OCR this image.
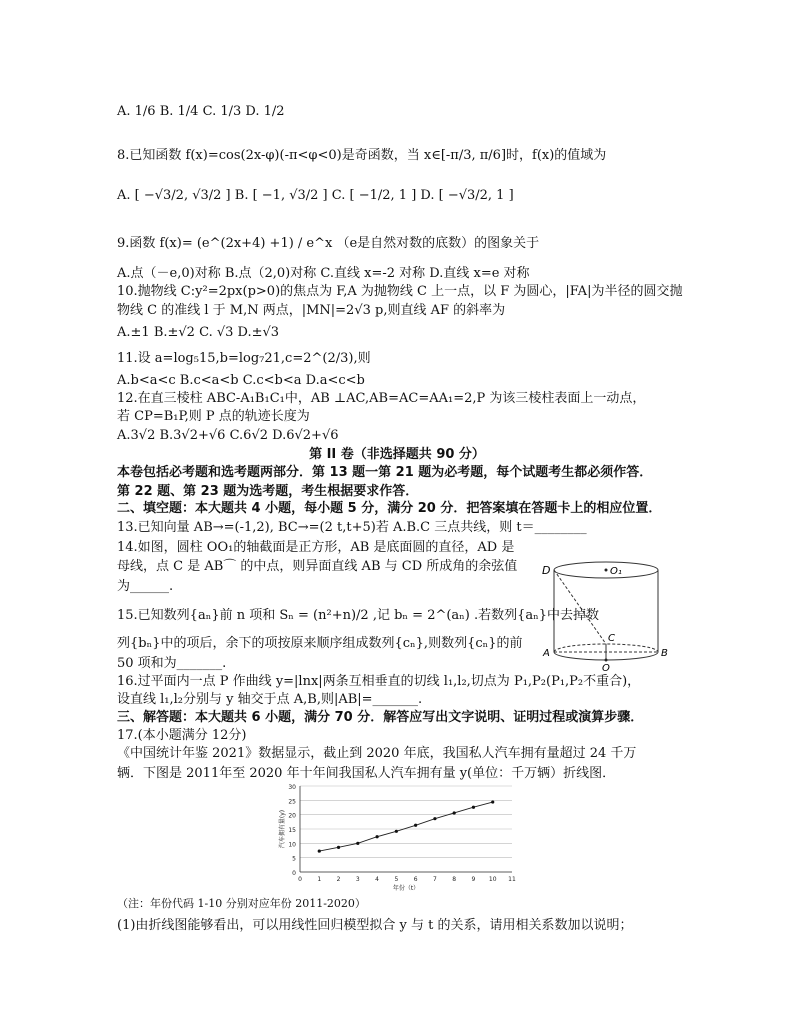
A. 1/6 B. 1/4 C. 1/3 D. 1/2
8.已知函数 f(x)=cos(2x-φ)(-π<φ<0)是奇函数，当 x∈[-π/3, π/6]时，f(x)的值域为
A. [ −√3/2, √3/2 ] B. [ −1, √3/2 ] C. [ −1/2, 1 ] D. [ −√3/2, 1 ]
9.函数 f(x)= (e^(2x+4) +1) / e^x （e是自然对数的底数）的图象关于
A.点（－e,0)对称 B.点（2,0)对称 C.直线 x=-2 对称 D.直线 x=e 对称
10.抛物线 C:y²=2px(p>0)的焦点为 F,A 为抛物线 C 上一点，以 F 为圆心，|FA|为半径的圆交抛
物线 C 的准线 l 于 M,N 两点，|MN|=2√3 p,则直线 AF 的斜率为
A.±1 B.±√2 C. √3 D.±√3
11.设 a=log₅15,b=log₇21,c=2^(2/3),则
A.b<a<c B.c<a<b C.c<b<a D.a<c<b
12.在直三棱柱 ABC-A₁B₁C₁中，AB ⊥AC,AB=AC=AA₁=2,P 为该三棱柱表面上一动点，
若 CP=B₁P,则 P 点的轨迹长度为
A.3√2 B.3√2+√6 C.6√2 D.6√2+√6
第 II 卷（非选择题共 90 分）
本卷包括必考题和选考题两部分．第 13 题一第 21 题为必考题，每个试题考生都必须作答．
第 22 题、第 23 题为选考题，考生根据要求作答．
二、填空题：本大题共 4 小题，每小题 5 分，满分 20 分．把答案填在答题卡上的相应位置．
13.已知向量 AB→=(-1,2), BC→=(2 t,t+5)若 A.B.C 三点共线，则 t＝________
14.如图，圆柱 OO₁的轴截面是正方形，AB 是底面圆的直径，AD 是
母线，点 C 是 AB⌒ 的中点，则异面直线 AB 与 CD 所成角的余弦值
为______.
15.已知数列{aₙ}前 n 项和 Sₙ = (n²+n)/2 ,记 bₙ = 2^(aₙ) .若数列{aₙ}中去掉数
列{bₙ}中的项后，余下的项按原来顺序组成数列{cₙ},则数列{cₙ}的前
50 项和为_______.
16.过平面内一点 P 作曲线 y=|lnx|两条互相垂直的切线 l₁,l₂,切点为 P₁,P₂(P₁,P₂不重合)，
设直线 l₁,l₂分别与 y 轴交于点 A,B,则|AB|=_______.
三、解答题：本大题共 6 小题，满分 70 分．解答应写出文字说明、证明过程或演算步骤．
17.(本小题满分 12分)
《中国统计年鉴 2021》数据显示，截止到 2020 年底，我国私人汽车拥有量超过 24 千万
辆．下图是 2011年至 2020 年十年间我国私人汽车拥有量 y(单位：千万辆）折线图．
D	O₁
C
A
O
B
0
5
10
15
20
25
30
0	1	2	3	4	5	6	7	8	9 10 11
年份（t）
汽车拥有量(y)
（注：年份代码 1-10 分别对应年份 2011-2020）
(1)由折线图能够看出，可以用线性回归模型拟合 y 与 t 的关系，请用相关系数加以说明；
